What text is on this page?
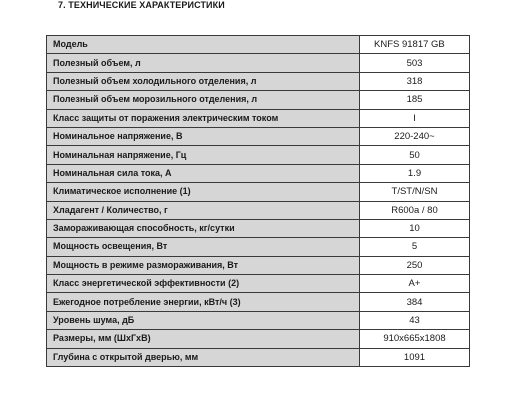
7. ТЕХНИЧЕСКИЕ ХАРАКТЕРИСТИКИ
Модель	KNFS 91817 GB
Полезный объем, л	503
Полезный объем холодильного отделения, л	318
Полезный объем морозильного отделения, л	185
Класс защиты от поражения электрическим током	I
Номинальное напряжение, В	220-240~
Номинальная напряжение, Гц	50
Номинальная сила тока, А	1.9
Климатическое исполнение (1)	T/ST/N/SN
Хладагент / Количество, г	R600a / 80
Замораживающая способность, кг/сутки	10
Мощность освещения, Вт	5
Мощность в режиме размораживания, Вт	250
Класс энергетической эффективности (2)	A+
Ежегодное потребление энергии, кВт/ч (3)	384
Уровень шума, дБ	43
Размеры, мм (ШxГxВ)	910x665x1808
Глубина с открытой дверью, мм	1091
